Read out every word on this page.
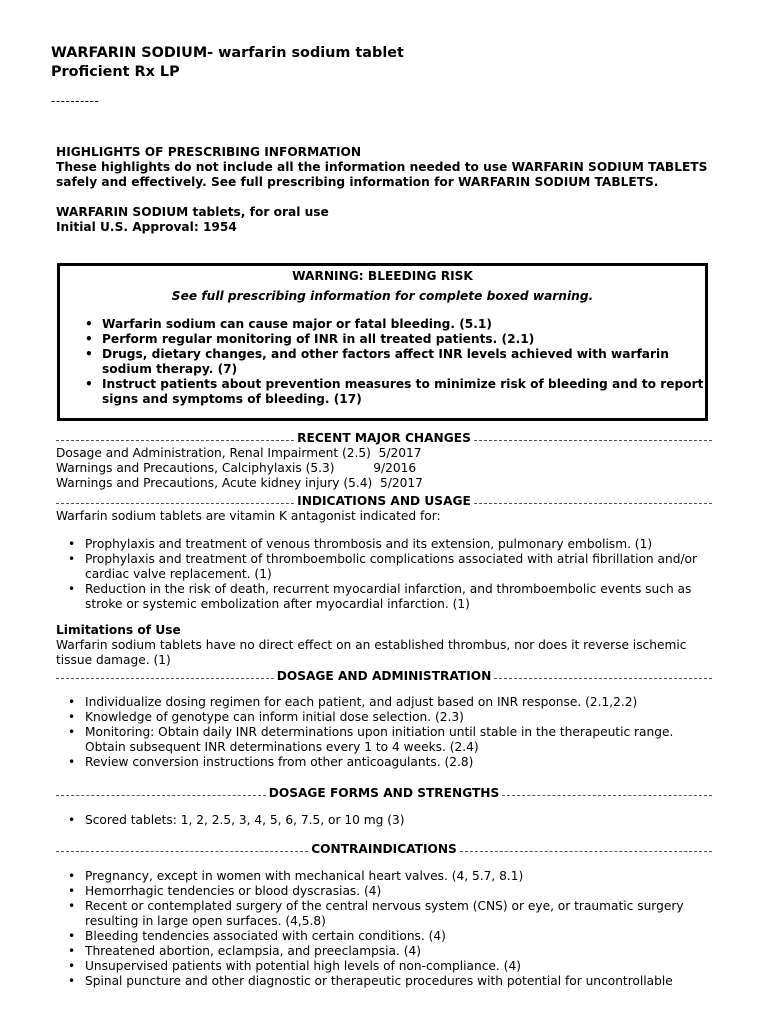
WARFARIN SODIUM- warfarin sodium tablet
Proficient Rx LP
----------

HIGHLIGHTS OF PRESCRIBING INFORMATION

These highlights do not include all the information needed to use WARFARIN SODIUM TABLETS safely and effectively. See full prescribing information for WARFARIN SODIUM TABLETS.

WARFARIN SODIUM tablets, for oral use

Initial U.S. Approval: 1954

WARNING: BLEEDING RISK
See full prescribing information for complete boxed warning.
• Warfarin sodium can cause major or fatal bleeding. (5.1)
• Perform regular monitoring of INR in all treated patients. (2.1)
• Drugs, dietary changes, and other factors affect INR levels achieved with warfarin sodium therapy. (7)
• Instruct patients about prevention measures to minimize risk of bleeding and to report signs and symptoms of bleeding. (17)
RECENT MAJOR CHANGES
Dosage and Administration, Renal Impairment (2.5)  5/2017
Warnings and Precautions, Calciphylaxis (5.3)          9/2016
Warnings and Precautions, Acute kidney injury (5.4)  5/2017
INDICATIONS AND USAGE

Warfarin sodium tablets are vitamin K antagonist indicated for:

• Prophylaxis and treatment of venous thrombosis and its extension, pulmonary embolism. (1)
• Prophylaxis and treatment of thromboembolic complications associated with atrial fibrillation and/or cardiac valve replacement. (1)
• Reduction in the risk of death, recurrent myocardial infarction, and thromboembolic events such as stroke or systemic embolization after myocardial infarction. (1)

Limitations of Use

Warfarin sodium tablets have no direct effect on an established thrombus, nor does it reverse ischemic tissue damage. (1)

DOSAGE AND ADMINISTRATION
• Individualize dosing regimen for each patient, and adjust based on INR response. (2.1,2.2)
• Knowledge of genotype can inform initial dose selection. (2.3)
• Monitoring: Obtain daily INR determinations upon initiation until stable in the therapeutic range. Obtain subsequent INR determinations every 1 to 4 weeks. (2.4)
• Review conversion instructions from other anticoagulants. (2.8)
DOSAGE FORMS AND STRENGTHS
• Scored tablets: 1, 2, 2.5, 3, 4, 5, 6, 7.5, or 10 mg (3)
CONTRAINDICATIONS
• Pregnancy, except in women with mechanical heart valves. (4, 5.7, 8.1)
• Hemorrhagic tendencies or blood dyscrasias. (4)
• Recent or contemplated surgery of the central nervous system (CNS) or eye, or traumatic surgery resulting in large open surfaces. (4,5.8)
• Bleeding tendencies associated with certain conditions. (4)
• Threatened abortion, eclampsia, and preeclampsia. (4)
• Unsupervised patients with potential high levels of non-compliance. (4)
• Spinal puncture and other diagnostic or therapeutic procedures with potential for uncontrollable
